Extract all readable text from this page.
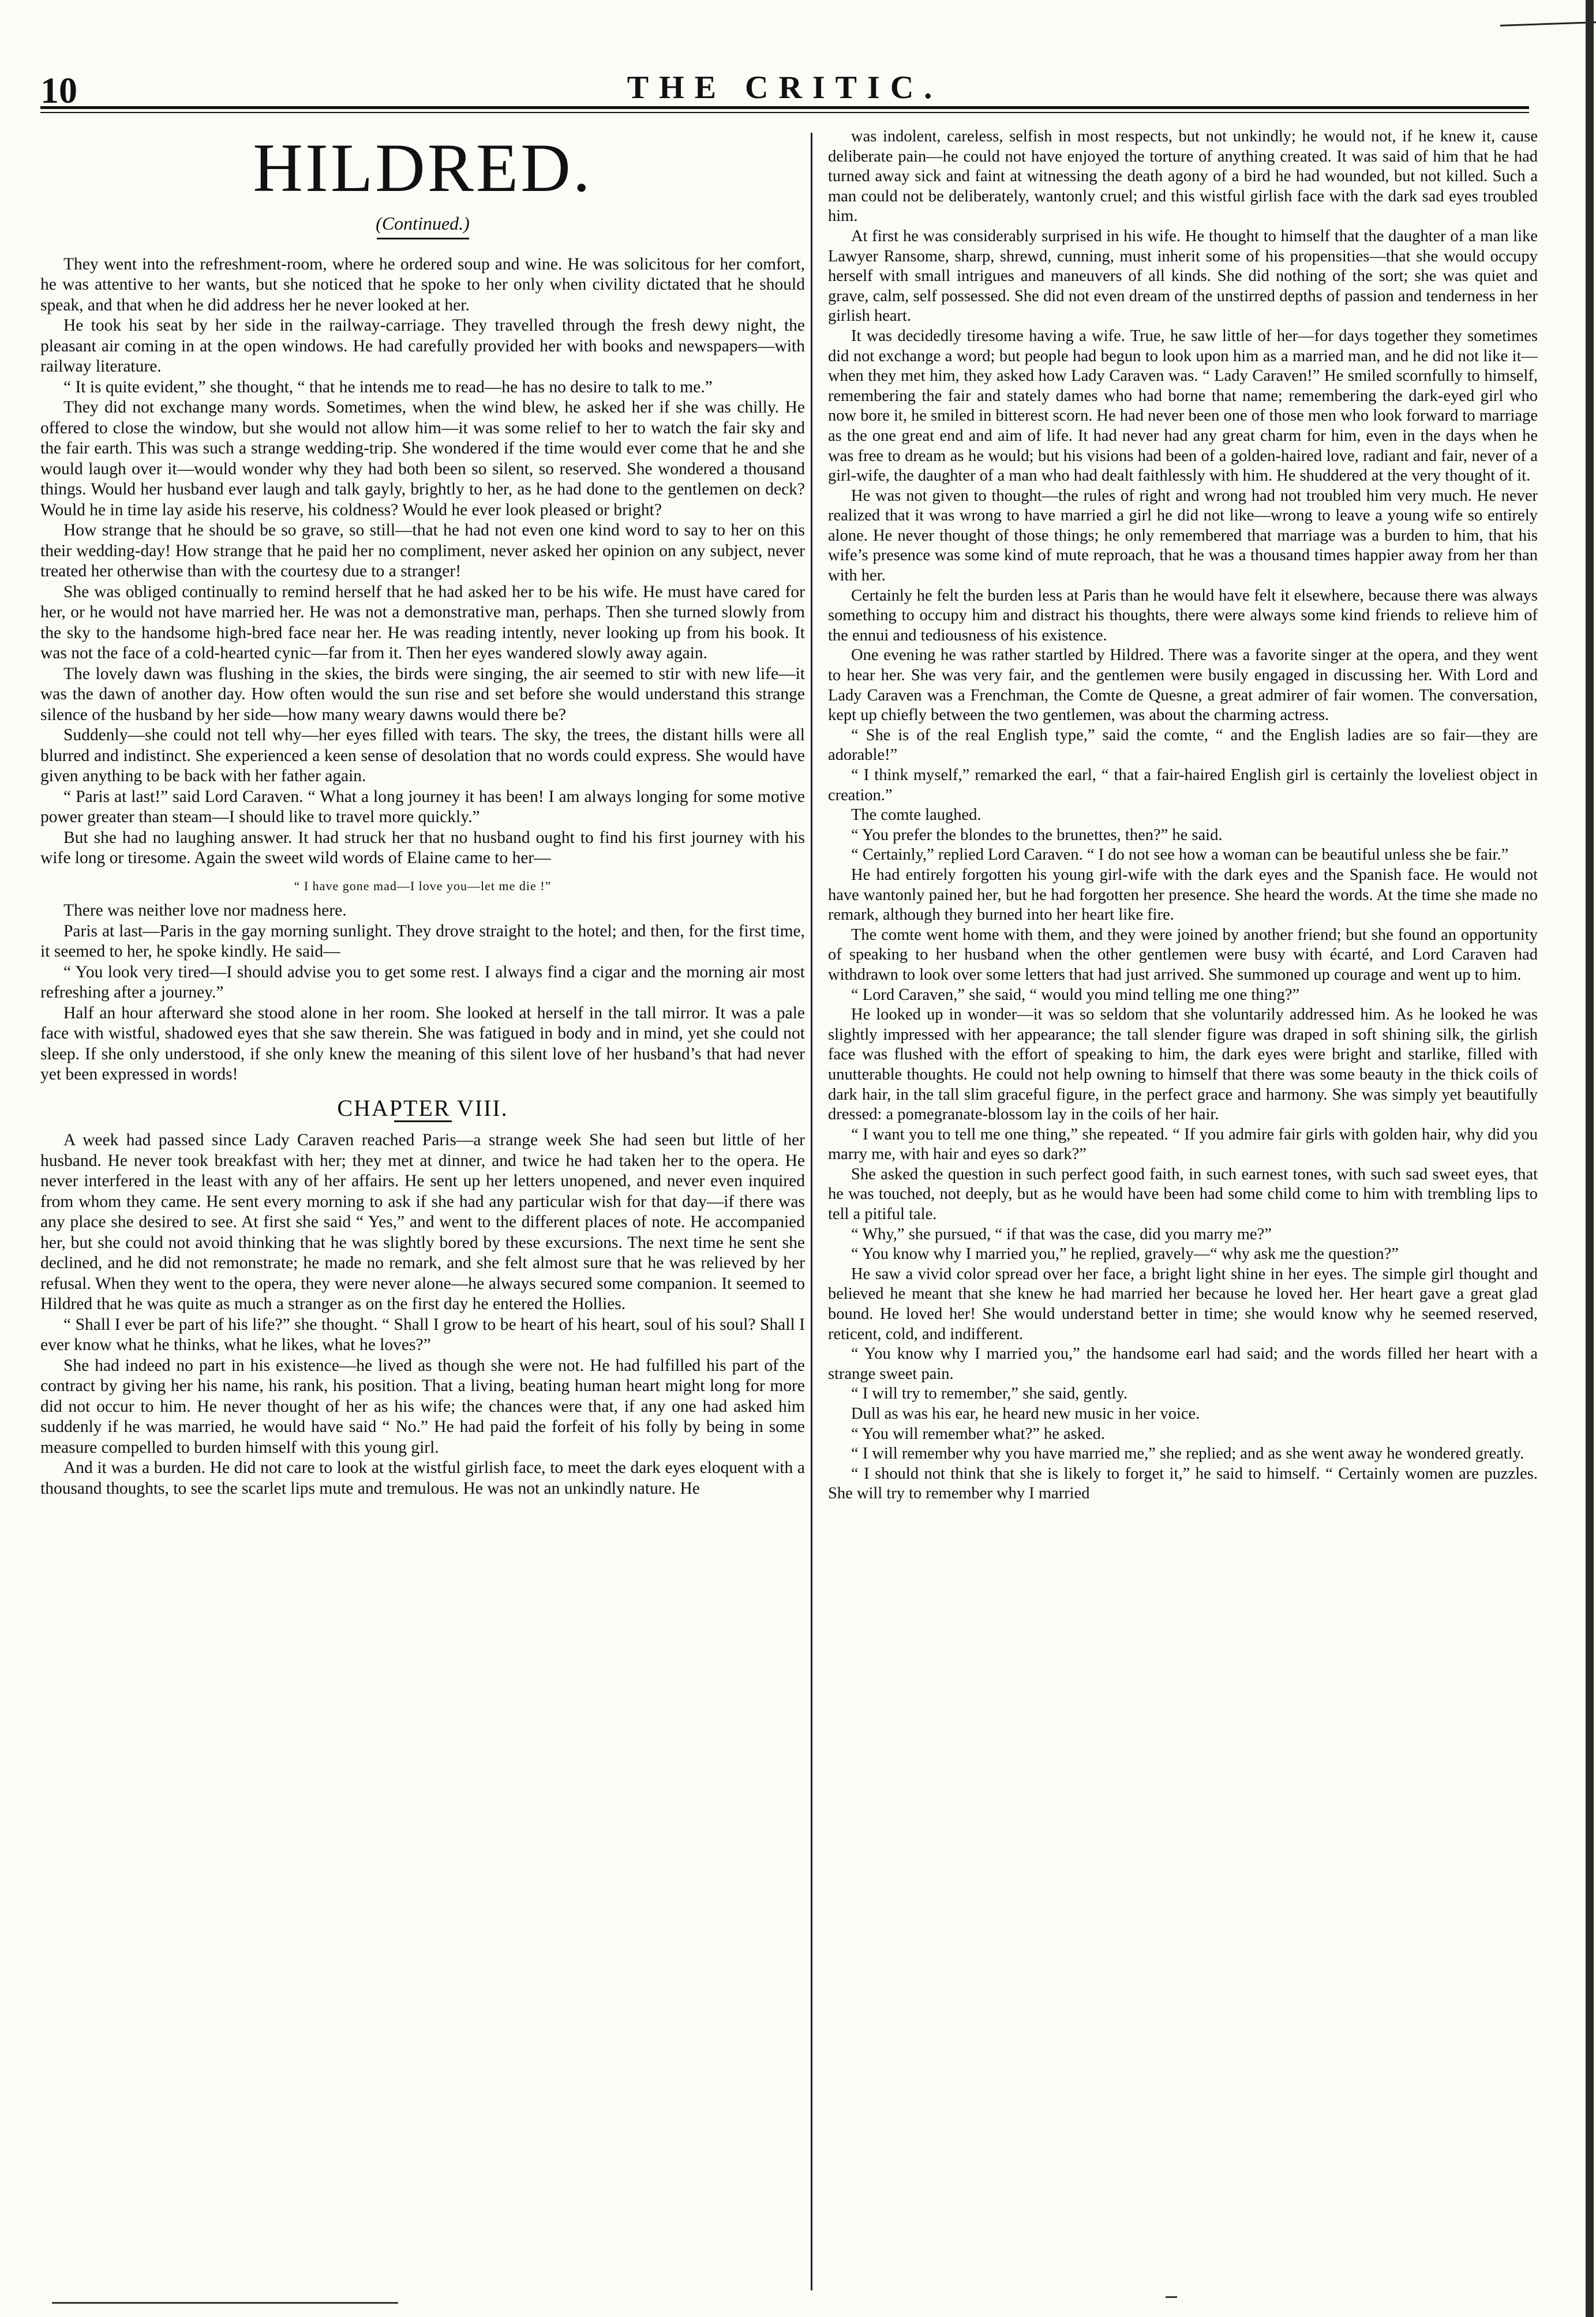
10	THE CRITIC.
HILDRED.
(Continued.)

They went into the refreshment-room, where he ordered soup and wine. He was solicitous for her comfort, he was attentive to her wants, but she noticed that he spoke to her only when civility dictated that he should speak, and that when he did address her he never looked at her.

He took his seat by her side in the railway-carriage. They travelled through the fresh dewy night, the pleasant air coming in at the open windows. He had carefully provided her with books and newspapers—with railway literature.

“ It is quite evident,” she thought, “ that he intends me to read—he has no desire to talk to me.”

They did not exchange many words. Sometimes, when the wind blew, he asked her if she was chilly. He offered to close the window, but she would not allow him—it was some relief to her to watch the fair sky and the fair earth. This was such a strange wedding-trip. She wondered if the time would ever come that he and she would laugh over it—would wonder why they had both been so silent, so reserved. She wondered a thousand things. Would her husband ever laugh and talk gayly, brightly to her, as he had done to the gentlemen on deck? Would he in time lay aside his reserve, his coldness? Would he ever look pleased or bright?

How strange that he should be so grave, so still—that he had not even one kind word to say to her on this their wedding-day! How strange that he paid her no compliment, never asked her opinion on any subject, never treated her otherwise than with the courtesy due to a stranger!

She was obliged continually to remind herself that he had asked her to be his wife. He must have cared for her, or he would not have married her. He was not a demonstrative man, perhaps. Then she turned slowly from the sky to the handsome high-bred face near her. He was reading intently, never looking up from his book. It was not the face of a cold-hearted cynic—far from it. Then her eyes wandered slowly away again.

The lovely dawn was flushing in the skies, the birds were singing, the air seemed to stir with new life—it was the dawn of another day. How often would the sun rise and set before she would understand this strange silence of the husband by her side—how many weary dawns would there be?

Suddenly—she could not tell why—her eyes filled with tears. The sky, the trees, the distant hills were all blurred and indistinct. She experienced a keen sense of desolation that no words could express. She would have given anything to be back with her father again.

“ Paris at last!” said Lord Caraven. “ What a long journey it has been! I am always longing for some motive power greater than steam—I should like to travel more quickly.”

But she had no laughing answer. It had struck her that no husband ought to find his first journey with his wife long or tiresome. Again the sweet wild words of Elaine came to her—

“ I have gone mad—I love you—let me die !”

There was neither love nor madness here.

Paris at last—Paris in the gay morning sunlight. They drove straight to the hotel; and then, for the first time, it seemed to her, he spoke kindly. He said—

“ You look very tired—I should advise you to get some rest. I always find a cigar and the morning air most refreshing after a journey.”

Half an hour afterward she stood alone in her room. She looked at herself in the tall mirror. It was a pale face with wistful, shadowed eyes that she saw therein. She was fatigued in body and in mind, yet she could not sleep. If she only understood, if she only knew the meaning of this silent love of her husband’s that had never yet been expressed in words!

CHAPTER VIII.

A week had passed since Lady Caraven reached Paris—a strange week She had seen but little of her husband. He never took breakfast with her; they met at dinner, and twice he had taken her to the opera. He never interfered in the least with any of her affairs. He sent up her letters unopened, and never even inquired from whom they came. He sent every morning to ask if she had any particular wish for that day—if there was any place she desired to see. At first she said “ Yes,” and went to the different places of note. He accompanied her, but she could not avoid thinking that he was slightly bored by these excursions. The next time he sent she declined, and he did not remonstrate; he made no remark, and she felt almost sure that he was relieved by her refusal. When they went to the opera, they were never alone—he always secured some companion. It seemed to Hildred that he was quite as much a stranger as on the first day he entered the Hollies.

“ Shall I ever be part of his life?” she thought. “ Shall I grow to be heart of his heart, soul of his soul? Shall I ever know what he thinks, what he likes, what he loves?”

She had indeed no part in his existence—he lived as though she were not. He had fulfilled his part of the contract by giving her his name, his rank, his position. That a living, beating human heart might long for more did not occur to him. He never thought of her as his wife; the chances were that, if any one had asked him suddenly if he was married, he would have said “ No.” He had paid the forfeit of his folly by being in some measure compelled to burden himself with this young girl.

And it was a burden. He did not care to look at the wistful girlish face, to meet the dark eyes eloquent with a thousand thoughts, to see the scarlet lips mute and tremulous. He was not an unkindly nature. He

was indolent, careless, selfish in most respects, but not unkindly; he would not, if he knew it, cause deliberate pain—he could not have enjoyed the torture of anything created. It was said of him that he had turned away sick and faint at witnessing the death agony of a bird he had wounded, but not killed. Such a man could not be deliberately, wantonly cruel; and this wistful girlish face with the dark sad eyes troubled him.

At first he was considerably surprised in his wife. He thought to himself that the daughter of a man like Lawyer Ransome, sharp, shrewd, cunning, must inherit some of his propensities—that she would occupy herself with small intrigues and maneuvers of all kinds. She did nothing of the sort; she was quiet and grave, calm, self possessed. She did not even dream of the unstirred depths of passion and tenderness in her girlish heart.

It was decidedly tiresome having a wife. True, he saw little of her—for days together they sometimes did not exchange a word; but people had begun to look upon him as a married man, and he did not like it—when they met him, they asked how Lady Caraven was. “ Lady Caraven!” He smiled scornfully to himself, remembering the fair and stately dames who had borne that name; remembering the dark-eyed girl who now bore it, he smiled in bitterest scorn. He had never been one of those men who look forward to marriage as the one great end and aim of life. It had never had any great charm for him, even in the days when he was free to dream as he would; but his visions had been of a golden-haired love, radiant and fair, never of a girl-wife, the daughter of a man who had dealt faithlessly with him. He shuddered at the very thought of it.

He was not given to thought—the rules of right and wrong had not troubled him very much. He never realized that it was wrong to have married a girl he did not like—wrong to leave a young wife so entirely alone. He never thought of those things; he only remembered that marriage was a burden to him, that his wife’s presence was some kind of mute reproach, that he was a thousand times happier away from her than with her.

Certainly he felt the burden less at Paris than he would have felt it elsewhere, because there was always something to occupy him and distract his thoughts, there were always some kind friends to relieve him of the ennui and tediousness of his existence.

One evening he was rather startled by Hildred. There was a favorite singer at the opera, and they went to hear her. She was very fair, and the gentlemen were busily engaged in discussing her. With Lord and Lady Caraven was a Frenchman, the Comte de Quesne, a great admirer of fair women. The conversation, kept up chiefly between the two gentlemen, was about the charming actress.

“ She is of the real English type,” said the comte, “ and the English ladies are so fair—they are adorable!”

“ I think myself,” remarked the earl, “ that a fair-haired English girl is certainly the loveliest object in creation.”

The comte laughed.

“ You prefer the blondes to the brunettes, then?” he said.

“ Certainly,” replied Lord Caraven. “ I do not see how a woman can be beautiful unless she be fair.”

He had entirely forgotten his young girl-wife with the dark eyes and the Spanish face. He would not have wantonly pained her, but he had forgotten her presence. She heard the words. At the time she made no remark, although they burned into her heart like fire.

The comte went home with them, and they were joined by another friend; but she found an opportunity of speaking to her husband when the other gentlemen were busy with écarté, and Lord Caraven had withdrawn to look over some letters that had just arrived. She summoned up courage and went up to him.

“ Lord Caraven,” she said, “ would you mind telling me one thing?”

He looked up in wonder—it was so seldom that she voluntarily addressed him. As he looked he was slightly impressed with her appearance; the tall slender figure was draped in soft shining silk, the girlish face was flushed with the effort of speaking to him, the dark eyes were bright and starlike, filled with unutterable thoughts. He could not help owning to himself that there was some beauty in the thick coils of dark hair, in the tall slim graceful figure, in the perfect grace and harmony. She was simply yet beautifully dressed: a pomegranate-blossom lay in the coils of her hair.

“ I want you to tell me one thing,” she repeated. “ If you admire fair girls with golden hair, why did you marry me, with hair and eyes so dark?”

She asked the question in such perfect good faith, in such earnest tones, with such sad sweet eyes, that he was touched, not deeply, but as he would have been had some child come to him with trembling lips to tell a pitiful tale.

“ Why,” she pursued, “ if that was the case, did you marry me?”

“ You know why I married you,” he replied, gravely—“ why ask me the question?”

He saw a vivid color spread over her face, a bright light shine in her eyes. The simple girl thought and believed he meant that she knew he had married her because he loved her. Her heart gave a great glad bound. He loved her! She would understand better in time; she would know why he seemed reserved, reticent, cold, and indifferent.

“ You know why I married you,” the handsome earl had said; and the words filled her heart with a strange sweet pain.

“ I will try to remember,” she said, gently.

Dull as was his ear, he heard new music in her voice.

“ You will remember what?” he asked.

“ I will remember why you have married me,” she replied; and as she went away he wondered greatly.

“ I should not think that she is likely to forget it,” he said to himself. “ Certainly women are puzzles. She will try to remember why I married
